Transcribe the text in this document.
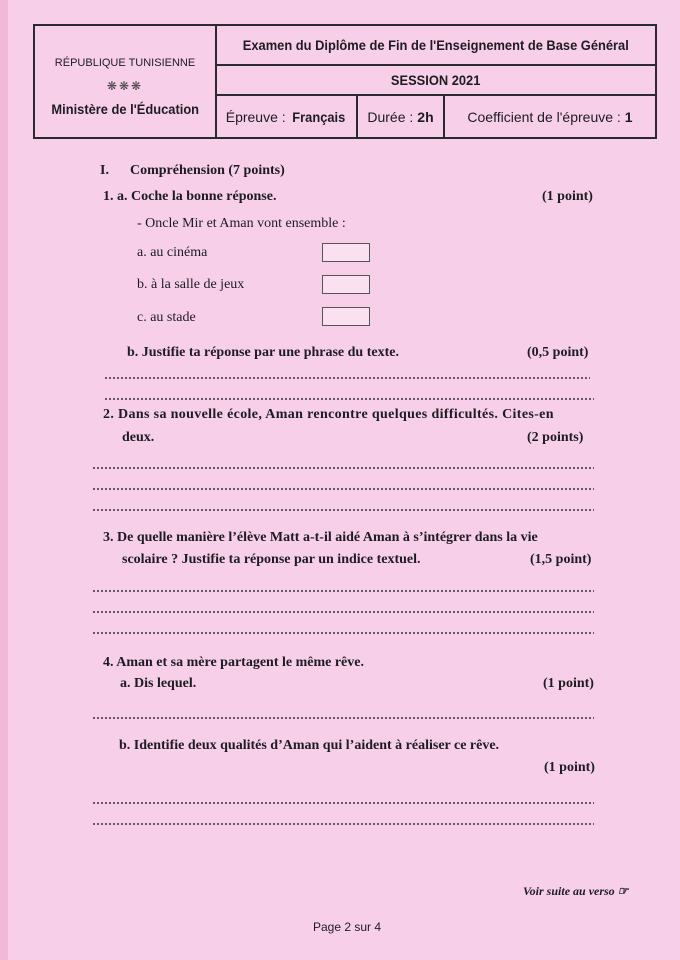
RÉPUBLIQUE TUNISIENNE
❋❋❋
Ministère de l'Éducation
Examen du Diplôme de Fin de l'Enseignement de Base Général
SESSION 2021
Épreuve : Français Durée : 2h Coefficient de l'épreuve : 1
I. Compréhension (7 points)
1. a. Coche la bonne réponse.	(1 point)
- Oncle Mir et Aman vont ensemble :
a. au cinéma
b. à la salle de jeux
c. au stade
b. Justifie ta réponse par une phrase du texte.	(0,5 point)
2. Dans sa nouvelle école, Aman rencontre quelques difficultés. Cites-en
deux.	(2 points)
3. De quelle manière l’élève Matt a-t-il aidé Aman à s’intégrer dans la vie
scolaire ? Justifie ta réponse par un indice textuel.	(1,5 point)
4. Aman et sa mère partagent le même rêve.
a. Dis lequel.	(1 point)
b. Identifie deux qualités d’Aman qui l’aident à réaliser ce rêve.
(1 point)
Voir suite au verso ☞
Page 2 sur 4
